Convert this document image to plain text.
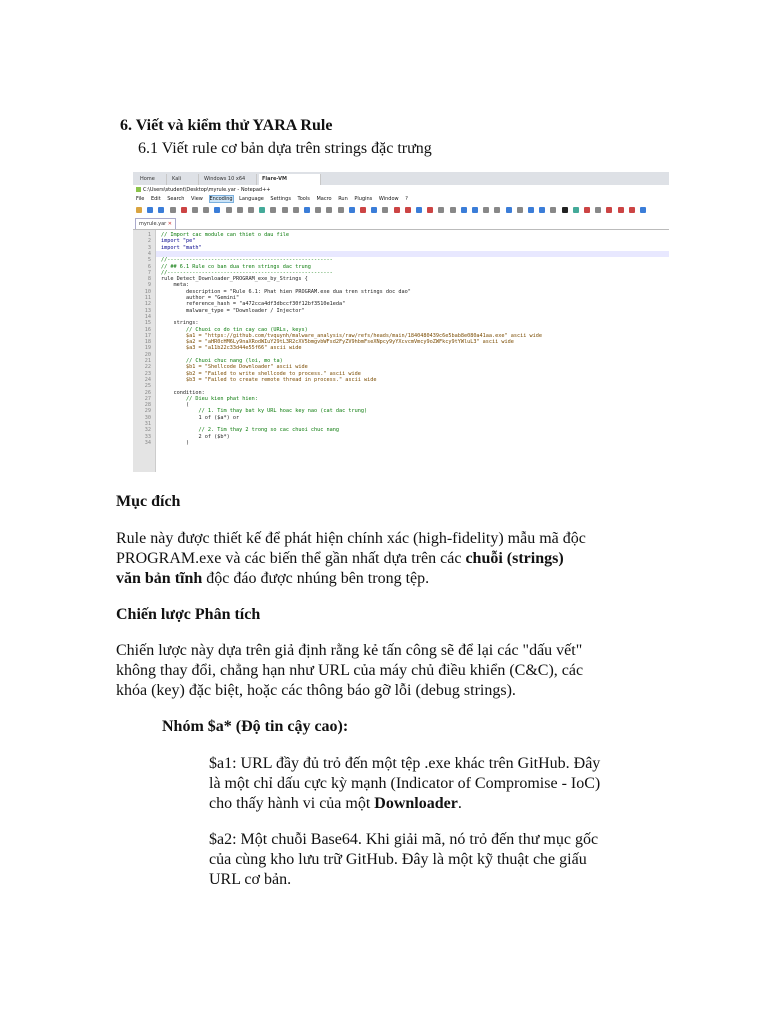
6. Viết và kiểm thử YARA Rule
6.1 Viết rule cơ bản dựa trên strings đặc trưng
Home	Kali	Windows 10 x64	Flare-VM
C:\Users\student\Desktop\myrule.yar - Notepad++
File Edit Search View Encoding Language Settings Tools Macro Run Plugins Window ?
myrule.yar ✕
1 // Import cac module can thiet o dau file
2 import "pe"
3 import "math"
4
5 //-----------------------------------------------------
6 // ## 6.1 Rule co ban dua tren strings dac trung
7 //-----------------------------------------------------
8 rule Detect_Downloader_PROGRAM_exe_by_Strings {
9 meta:
10 description = "Rule 6.1: Phat hien PROGRAM.exe dua tren strings doc dao"
11 author = "Gemini"
12 reference_hash = "a472cca4df3dbccf30f12bf3510e1eda"
13 malware_type = "Downloader / Injector"
14
15 strings:
16 // Chuoi co do tin cay cao (URLs, keys)
17 $a1 = "https://github.com/tvquynh/malware_analysis/raw/refs/heads/main/1840480439c6e5bab8e080a41aa.exe" ascii wide
18 $a2 = "aHR0cHM6Ly9naXRodWIuY29tL3R2cXV5bmgvbWFsd2FyZV9hbmFseXNpcy9yYXcvcmVmcy9oZWFkcy9tYWluL3" ascii wide
19 $a3 = "a11b22c33d44e55f66" ascii wide
20
21 // Chuoi chuc nang (loi, mo ta)
22 $b1 = "Shellcode Downloader" ascii wide
23 $b2 = "Failed to write shellcode to process." ascii wide
24 $b3 = "Failed to create remote thread in process." ascii wide
25
26 condition:
27 // Dieu kien phat hien:
28 (
29 // 1. Tim thay bat ky URL hoac key nao (cat dac trung)
30 1 of ($a*) or
31
32 // 2. Tim thay 2 trong so cac chuoi chuc nang
33 2 of ($b*)
34 )
Mục đích
Rule này được thiết kế để phát hiện chính xác (high-fidelity) mẫu mã độc
PROGRAM.exe và các biến thể gần nhất dựa trên các chuỗi (strings)
văn bản tĩnh độc đáo được nhúng bên trong tệp.
Chiến lược Phân tích
Chiến lược này dựa trên giả định rằng kẻ tấn công sẽ để lại các "dấu vết"
không thay đổi, chẳng hạn như URL của máy chủ điều khiển (C&C), các
khóa (key) đặc biệt, hoặc các thông báo gỡ lỗi (debug strings).
Nhóm $a* (Độ tin cậy cao):
$a1: URL đầy đủ trỏ đến một tệp .exe khác trên GitHub. Đây
là một chỉ dấu cực kỳ mạnh (Indicator of Compromise - IoC)
cho thấy hành vi của một Downloader.
$a2: Một chuỗi Base64. Khi giải mã, nó trỏ đến thư mục gốc
của cùng kho lưu trữ GitHub. Đây là một kỹ thuật che giấu
URL cơ bản.
